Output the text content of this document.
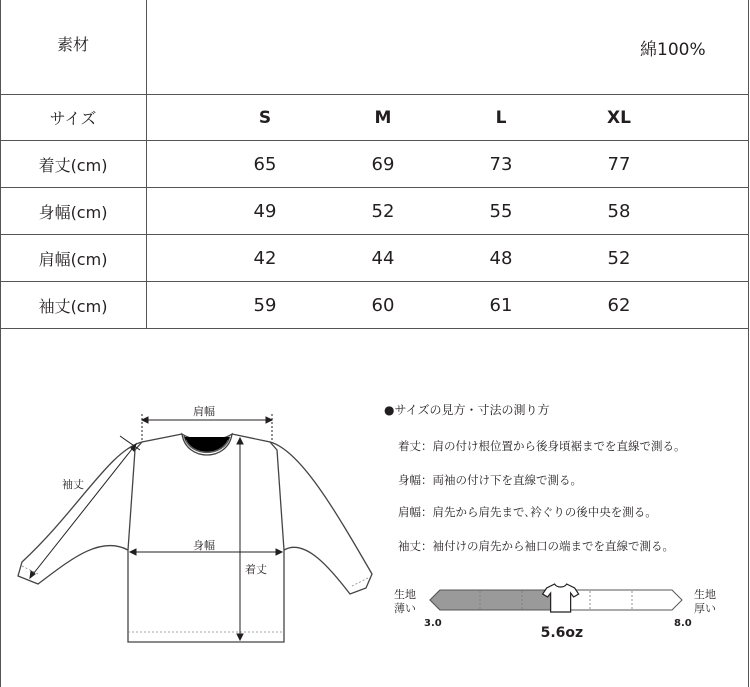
素材	綿100%
サイズ	S	M	L	XL
着丈(cm)	65	69	73	77
身幅(cm)	49	52	55	58
肩幅(cm)	42	44	48	52
袖丈(cm)	59	60	61	62
肩幅
袖丈
身幅
着丈
●サイズの見方・寸法の測り方
着丈：肩の付け根位置から後身頃裾までを直線で測る。
身幅：両袖の付け下を直線で測る。
肩幅：肩先から肩先まで､衿ぐりの後中央を測る。
袖丈：袖付けの肩先から袖口の端までを直線で測る。
生地
薄い
生地
厚い
3.0	8.0
5.6oz
